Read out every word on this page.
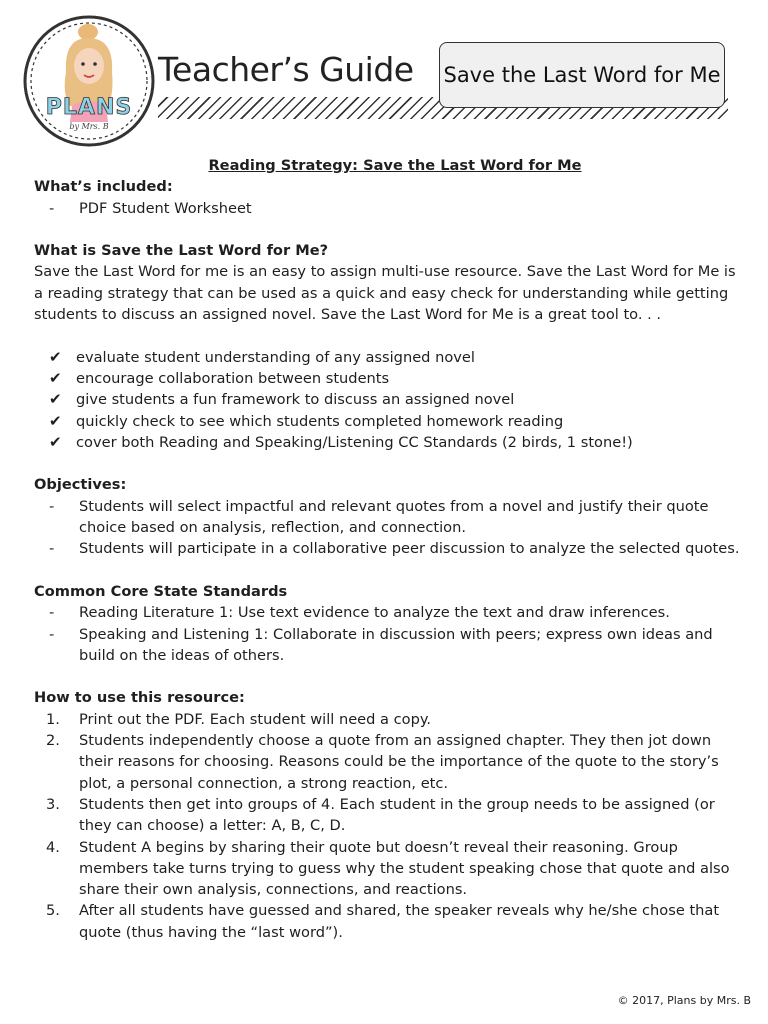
PLANS
by Mrs. B
Teacher’s Guide Save the Last Word for Me
Reading Strategy: Save the Last Word for Me
What’s included:
- PDF Student Worksheet
What is Save the Last Word for Me?

Save the Last Word for me is an easy to assign multi-use resource. Save the Last Word for Me is a reading strategy that can be used as a quick and easy check for understanding while getting students to discuss an assigned novel. Save the Last Word for Me is a great tool to. . .

✔ evaluate student understanding of any assigned novel
✔ encourage collaboration between students
✔ give students a fun framework to discuss an assigned novel
✔ quickly check to see which students completed homework reading
✔ cover both Reading and Speaking/Listening CC Standards (2 birds, 1 stone!)
Objectives:
- Students will select impactful and relevant quotes from a novel and justify their quote choice based on analysis, reflection, and connection.
- Students will participate in a collaborative peer discussion to analyze the selected quotes.
Common Core State Standards
- Reading Literature 1: Use text evidence to analyze the text and draw inferences.
- Speaking and Listening 1: Collaborate in discussion with peers; express own ideas and build on the ideas of others.
How to use this resource:
1. Print out the PDF. Each student will need a copy.
2. Students independently choose a quote from an assigned chapter. They then jot down their reasons for choosing. Reasons could be the importance of the quote to the story’s plot, a personal connection, a strong reaction, etc.
3. Students then get into groups of 4. Each student in the group needs to be assigned (or they can choose) a letter: A, B, C, D.
4. Student A begins by sharing their quote but doesn’t reveal their reasoning. Group members take turns trying to guess why the student speaking chose that quote and also share their own analysis, connections, and reactions.
5. After all students have guessed and shared, the speaker reveals why he/she chose that quote (thus having the “last word”).
© 2017, Plans by Mrs. B
